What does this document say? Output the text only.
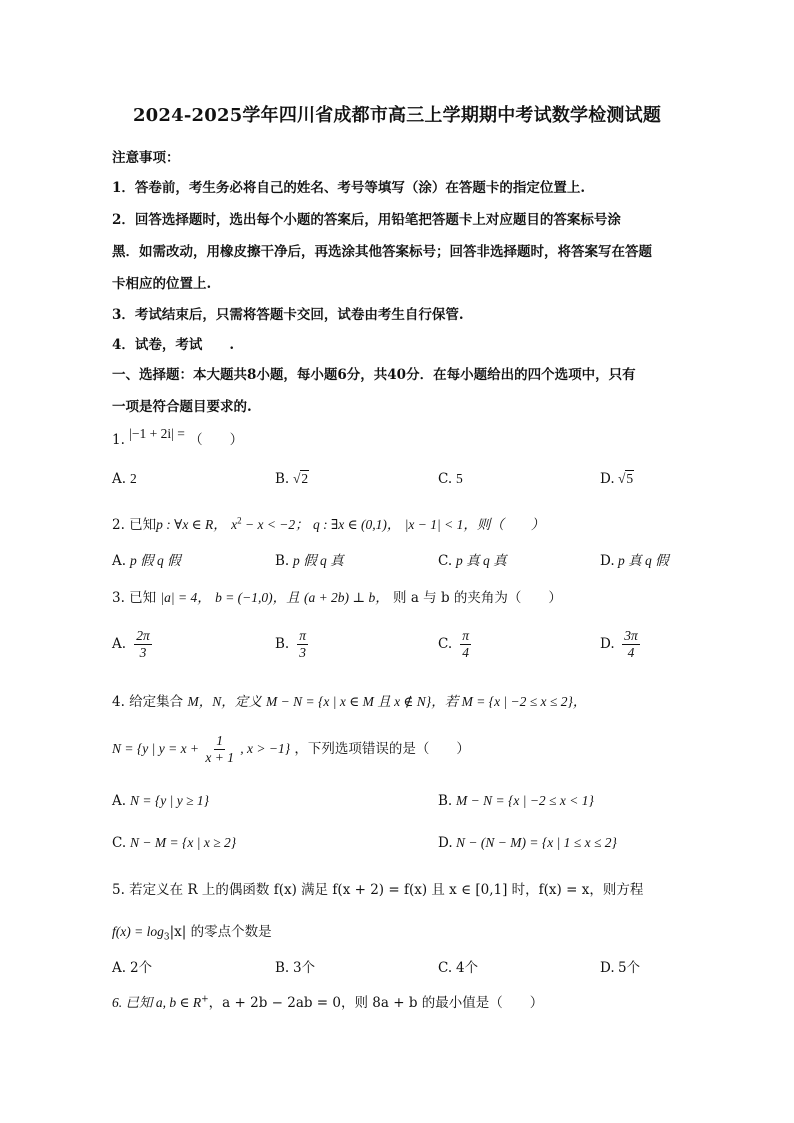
2024-2025学年四川省成都市高三上学期期中考试数学检测试题
注意事项：
1．答卷前，考生务必将自己的姓名、考号等填写（涂）在答题卡的指定位置上.
2．回答选择题时，选出每个小题的答案后，用铅笔把答题卡上对应题目的答案标号涂
黑．如需改动，用橡皮擦干净后，再选涂其他答案标号；回答非选择题时，将答案写在答题
卡相应的位置上.
3．考试结束后，只需将答题卡交回，试卷由考生自行保管.
4．试卷，考试　　.
一、选择题：本大题共8小题，每小题6分，共40分．在每小题给出的四个选项中，只有
一项是符合题目要求的.
1. |−1 + 2i| = （　　）
A. 2	B. √2	C. 5	D. √5
2. 已知p : ∀x ∈ R， $x^2 - x < -2$； q : ∃x ∈ (0,1)， |x − 1| < 1，则（　　）
A. p 假 q 假	B. p 假 q 真	C. p 真 q 真	D. p 真 q 假
3. 已知 |a| = 4， b = (−1,0)，且 (a + 2b) ⊥ b， 则 a 与 b 的夹角为（　　）
A. $\frac{2\pi}{3}$	B. $\frac{\pi}{3}$	C. $\frac{\pi}{4}$	D. $\frac{3\pi}{4}$
4. 给定集合 M，N，定义 M − N = {x | x ∈ M 且 x ∉ N}，若 M = {x | −2 ≤ x ≤ 2}，
N = {y | $y = x + \frac{1}{x + 1}$ , x > −1} ，下列选项错误的是（　　）
A. N = {y | y ≥ 1}	B. M − N = {x | −2 ≤ x < 1}
C. N − M = {x | x ≥ 2}	D. N − (N − M) = {x | 1 ≤ x ≤ 2}
5. 若定义在 R 上的偶函数 f(x) 满足 f(x + 2) = f(x) 且 x ∈ [0,1] 时，f(x) = x，则方程
$f(x) = \log_3|x|$ 的零点个数是
A. 2个	B. 3个	C. 4个	D. 5个
6. 已知 a, b ∈ R+，a + 2b − 2ab = 0，则 8a + b 的最小值是（　　）
